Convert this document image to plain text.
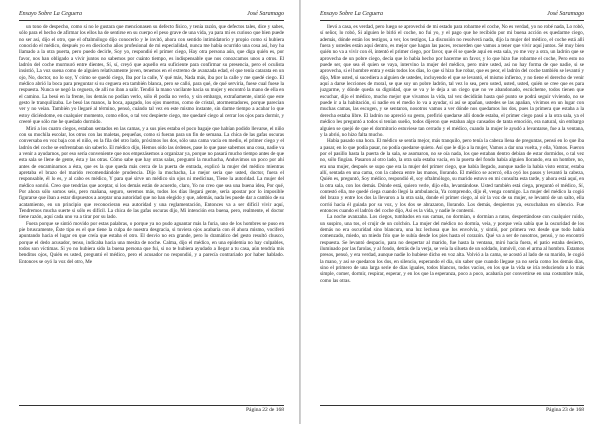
Ensayo Sobre La Ceguera	José Saramago

un tono de despecho, como si no le gustara que mencionasen su defecto físico, y tenía razón, que defectos tales, dice y sabes, sólo para el hecho de afirmar los ellos ha de sentirse en su cuerpo el peso grave de una vida, ya para mí es curioso que bien puede no ser así, dijo el otro, que el oftalmólogo dijo conocerlo y le invitó, ahora con sentido intimidatorio y propio como si hubiera conocido el médico, después yo en dieciocho años profesional de mi especialidad, nunca me había ocurrido una cosa así, hoy ha llamado a la otra puerta, pero puedo decirle, Soy yo, respondió el primer ciego, Hay otra persona aún, que diga quién es, por favor, nos han obligado a vivir juntos no sabemos por cuánto tiempo, es indispensable que nos conozcamos unos a otros. El ladrón del coche murmuró entre dientes, Sí, sí, creyó que aquello era suficiente para confirmar su presencia, pero el oculista insistió, La voz suena como de alguien relativamente joven, tenemos en el extremo de avanzada edad, el que tenía catarata en un ojo, No, doctor, no lo soy, Y cómo se quedó ciego, Iba por la calle, Y qué más, Nada más, iba por la calle y me quedé ciego. El médico abrió la boca para preguntar si su ceguera era también blanca, pero se calló, para qué, de qué serviría, fuese cual fuese la respuesta. Nunca se negó la ceguera, de allí no iban a salir. Tendió la mano vacilante hacia su mujer y encontró la mano de ella en el camino. La besó en la frente, los demás no podían verlo, sólo él podía no verlo, y sin embargo, extrañamente, sintió que este gesto le tranquilizaba. Le besó las manos, la boca, apagado, los ojos muertos, como de cristal, atormentadores, porque parecían ver y no veían. También yo llegaré al término, pensó, cuándo tal vez en este mismo instante, sin darme tiempo a acabar lo que estoy diciéndome, en cualquier momento, como ellos, o tal vez despierte ciego, me quedaré ciego al cerrar los ojos para dormir, y creeré que sólo me he quedado dormido.

Miró a los cuatro ciegos, estaban sentados en las camas, y a sus pies estaba el poco bagaje que habían podido llevarse, el niño con su mochila escolar, los otros con las maletas, pequeñas, como si fueran para un fin de semana. La chica de las gafas oscuras conversaba en voz baja con el niño, en la fila del otro lado, próximos los dos, sólo una cama vacía en medio, el primer ciego y el ladrón del coche se enfrentaban sin saberlo. El médico dijo, Hemos oído las órdenes, pase lo que pase sabemos una cosa, nadie va a venir a ayudarnos, por eso sería conveniente que nos empezásemos a organizar ya, porque no pasará mucho tiempo antes de que esta sala se llene de gente, ésta y las otras. Cómo sabe que hay otras salas, preguntó la muchacha, Anduvimos un poco por ahí antes de encaminarnos a ésta, que es la que queda más cerca de la puerta de entrada, explicó la mujer del médico mientras apretaba el brazo del marido recomendándole prudencia. Dijo la muchacha, Lo mejor sería que usted, doctor, fuera el responsable, él lo es, y al cabo es médico, Y para qué sirve un médico sin ojos ni medicinas, Tiene la autoridad. La mujer del médico sonrió. Creo que tendrías que aceptar, si los demás están de acuerdo, claro, Yo no creo que sea una buena idea, Por qué, Por ahora sólo somos seis, pero mañana, seguro, seremos más, todos los días llegará gente, sería apostar por lo imposible figurarse que iban a estar dispuestos a aceptar una autoridad que no han elegido y que, además, nada les puede dar a cambio de su acatamiento, en un principio que reconocieran esa autoridad y una reglamentación, Entonces va a ser difícil vivir aquí, Tendremos mucha suerte si sólo es difícil. La chica de las gafas oscuras dijo, Mi intención era buena, pero, realmente, el doctor tiene razón, aquí cada uno va a tirar por su lado.

Fuera porque se sintió movido por estas palabras, o porque ya no pudo aguantar más la furia, uno de los hombres se puso en pie bruscamente, Éste tipo es el que tiene la culpa de nuestra desgracia, si tuviera ojos acabaría con él ahora mismo, vociferó apuntando hacia el lugar en que creía que estaba el otro. El desvío no era grande, pero lo dramático del gesto resultó chusco, porque el dedo acusador, tenso, indicaba hacia una mesita de noche. Calma, dijo el médico, en una epidemia no hay culpables, todos son víctimas. Si yo no hubiera sido la buena persona que fui, si no te hubiera ayudado a llegar a tu casa, aún tendría mis benditos ojos, Quién es usted, preguntó el médico, pero el acusador no respondió, y a parecía contrariado por haber hablado. Entonces se oyó la voz del otro, Me

Página 22 de 168
Ensayo Sobre La Ceguera	José Saramago

llevó a casa, es verdad, pero luego se aprovechó de mi estado para robarme el coche, No es verdad, yo no robé nada, Lo robó, sí señor, lo robó, Si alguien le birló el coche, no fui yo, y el pago que he recibido por mi buena acción es quedarme ciego, además, dónde están los testigos, a ver, los testigos, La discusión no resolverá nada, dijo la mujer del médico, el coche está allí fuera y ustedes están aquí dentro, es mejor que hagan las paces, recuerden que vamos a tener que vivir aquí juntos. Sé muy bien quién no va a vivir con él, intentó el primer ciego, por favor, que él se quede aquí en esta sala, yo me voy a otra, un ladrón que se aprovecha de un pobre ciego, decía que lo había hecho por hacerme un favor, y lo que hizo fue robarme el coche, Pero esto no puede ser, que sea él quien se vaya, intervino la mujer del médico, pero mire usted, así no hay forma de que nadie, si se aprovecha, si el hombre entra y estás todos los días, lo que sí hizo fue robar, que es peor, el ladrón del coche también se levantó y dijo, Mire usted, si sucediera a alguien de ustedes, incluyendo el que se levantó, el mismo infierno, y no tiene el derecho de venir aquí a darse lecciones de moral, se que soy un pobre ladrón, tal vez lo sea, pero usted, usted, usted, quién se cree que es para juzgarme, y dónde queda su dignidad, que se va y le deja a un ciego que no ve abandonado, escúcheme, todos tienen que escuchar, dijo el médico, mucho mejor que vivamos la vida, tal vez decidirán hasta qué punto se podrá seguir viviendo, no se puede ir a la habitación, si nadie en el medio lo va a ayudar, si así se apañan, ustedes se las apañan, vivimos en un lugar con muchas camas, las escogen, y se sentaron, nosotros vamos a ver dónde nos quedamos los dos, pues la primera que estaba a la derecha estaba libre. El ladrón no apreció su gesto, prefirió quedarse allí donde estaba, el primer ciego pasó a la otra sala, ya el médico les preguntó a todos si tenían sueño, todos dijeron que estaban algo cansados de tanta emoción, era natural, sin embargo alguien se quejó de que el dormitorio estuviese tan cerrado y el médico, cuando la mujer le ayudó a levantarse, fue a la ventana, y la abrió, no hizo falta mucho.

Había pasado una hora. El médico se sentía mejor, más tranquilo, pero tenía la cabeza llena de preguntas, pensó en lo que iba a pasar, en lo que podía pasar, no podía quedarse quieto. Así que le dijo a la mujer, Vamos a dar una vuelta, y ella, Vamos. Fueron por el pasillo hasta la puerta de la sala, se asomaron, no se oía nada, los que estaban dentro debían de estar dormidos, o tal vez no, sólo fingían. Pasaron al otro lado, la otra sala estaba vacía, en la puerta del fondo había alguien llorando, era un hombre, no, era una mujer, después se supo que era la mujer del primer ciego, que había llegado, aunque nadie la había visto entrar, estaba allí, sentada en una cama, con la cabeza entre las manos, llorando. El médico se acercó, ella oyó los pasos y levantó la cabeza, Quién es, preguntó, Soy médico, respondió él, soy oftalmólogo, su marido estuvo en mi consulta esta tarde, y ahora está aquí, en la otra sala, con los demás. Dónde está, quiero verle, dijo ella, levantándose. Usted también está ciega, preguntó el médico, Sí, contestó ella, me quedé ciega cuando llegó la ambulancia, Ya comprendo, dijo él, venga conmigo. La mujer del médico la cogió del brazo y entre los dos la llevaron a la otra sala, donde el primer ciego, al oír la voz de su mujer, se levantó de un salto, ella corrió hacia él guiada por su voz, y los dos se abrazaron, llorando. Los demás, despiertos ya, escuchaban en silencio. Fue entonces cuando el ladrón del coche dijo, Así es la vida, y nadie le contestó.

La noche avanzaba. Los ciegos, tumbados en sus camas, no dormían, o dormían a ratos, despertándose con cualquier ruido, un suspiro, una tos, el crujir de un colchón. La mujer del médico no dormía, veía, y porque veía sabía que la oscuridad de los demás no era oscuridad sino blancura, una luz lechosa que los envolvía, y sintió, por primera vez desde que todo había comenzado, miedo, un miedo frío que le subía desde los pies hasta el corazón. Qué va a ser de nosotros, pensó, y no encontró respuesta. Se levantó despacio, para no despertar al marido, fue hasta la ventana, miró hacia fuera, el patio estaba desierto, iluminado por las farolas, y al fondo, detrás de la verja, se veía la silueta de un soldado, inmóvil, con el arma al hombro. Estamos presos, pensó, y era verdad, aunque nadie lo hubiese dicho en voz alta. Volvió a la cama, se acostó al lado de su marido, le cogió la mano, y así se quedaron los dos, en silencio, esperando el día, sin saber que cuando llegase ya no sería como los demás días, sino el primero de una larga serie de días iguales, todos blancos, todos vacíos, en los que la vida se iría reduciendo a lo más simple, comer, dormir, respirar, esperar, y en los que la esperanza, poco a poco, acabaría por convertirse en una costumbre más, como las otras.

Página 23 de 168
